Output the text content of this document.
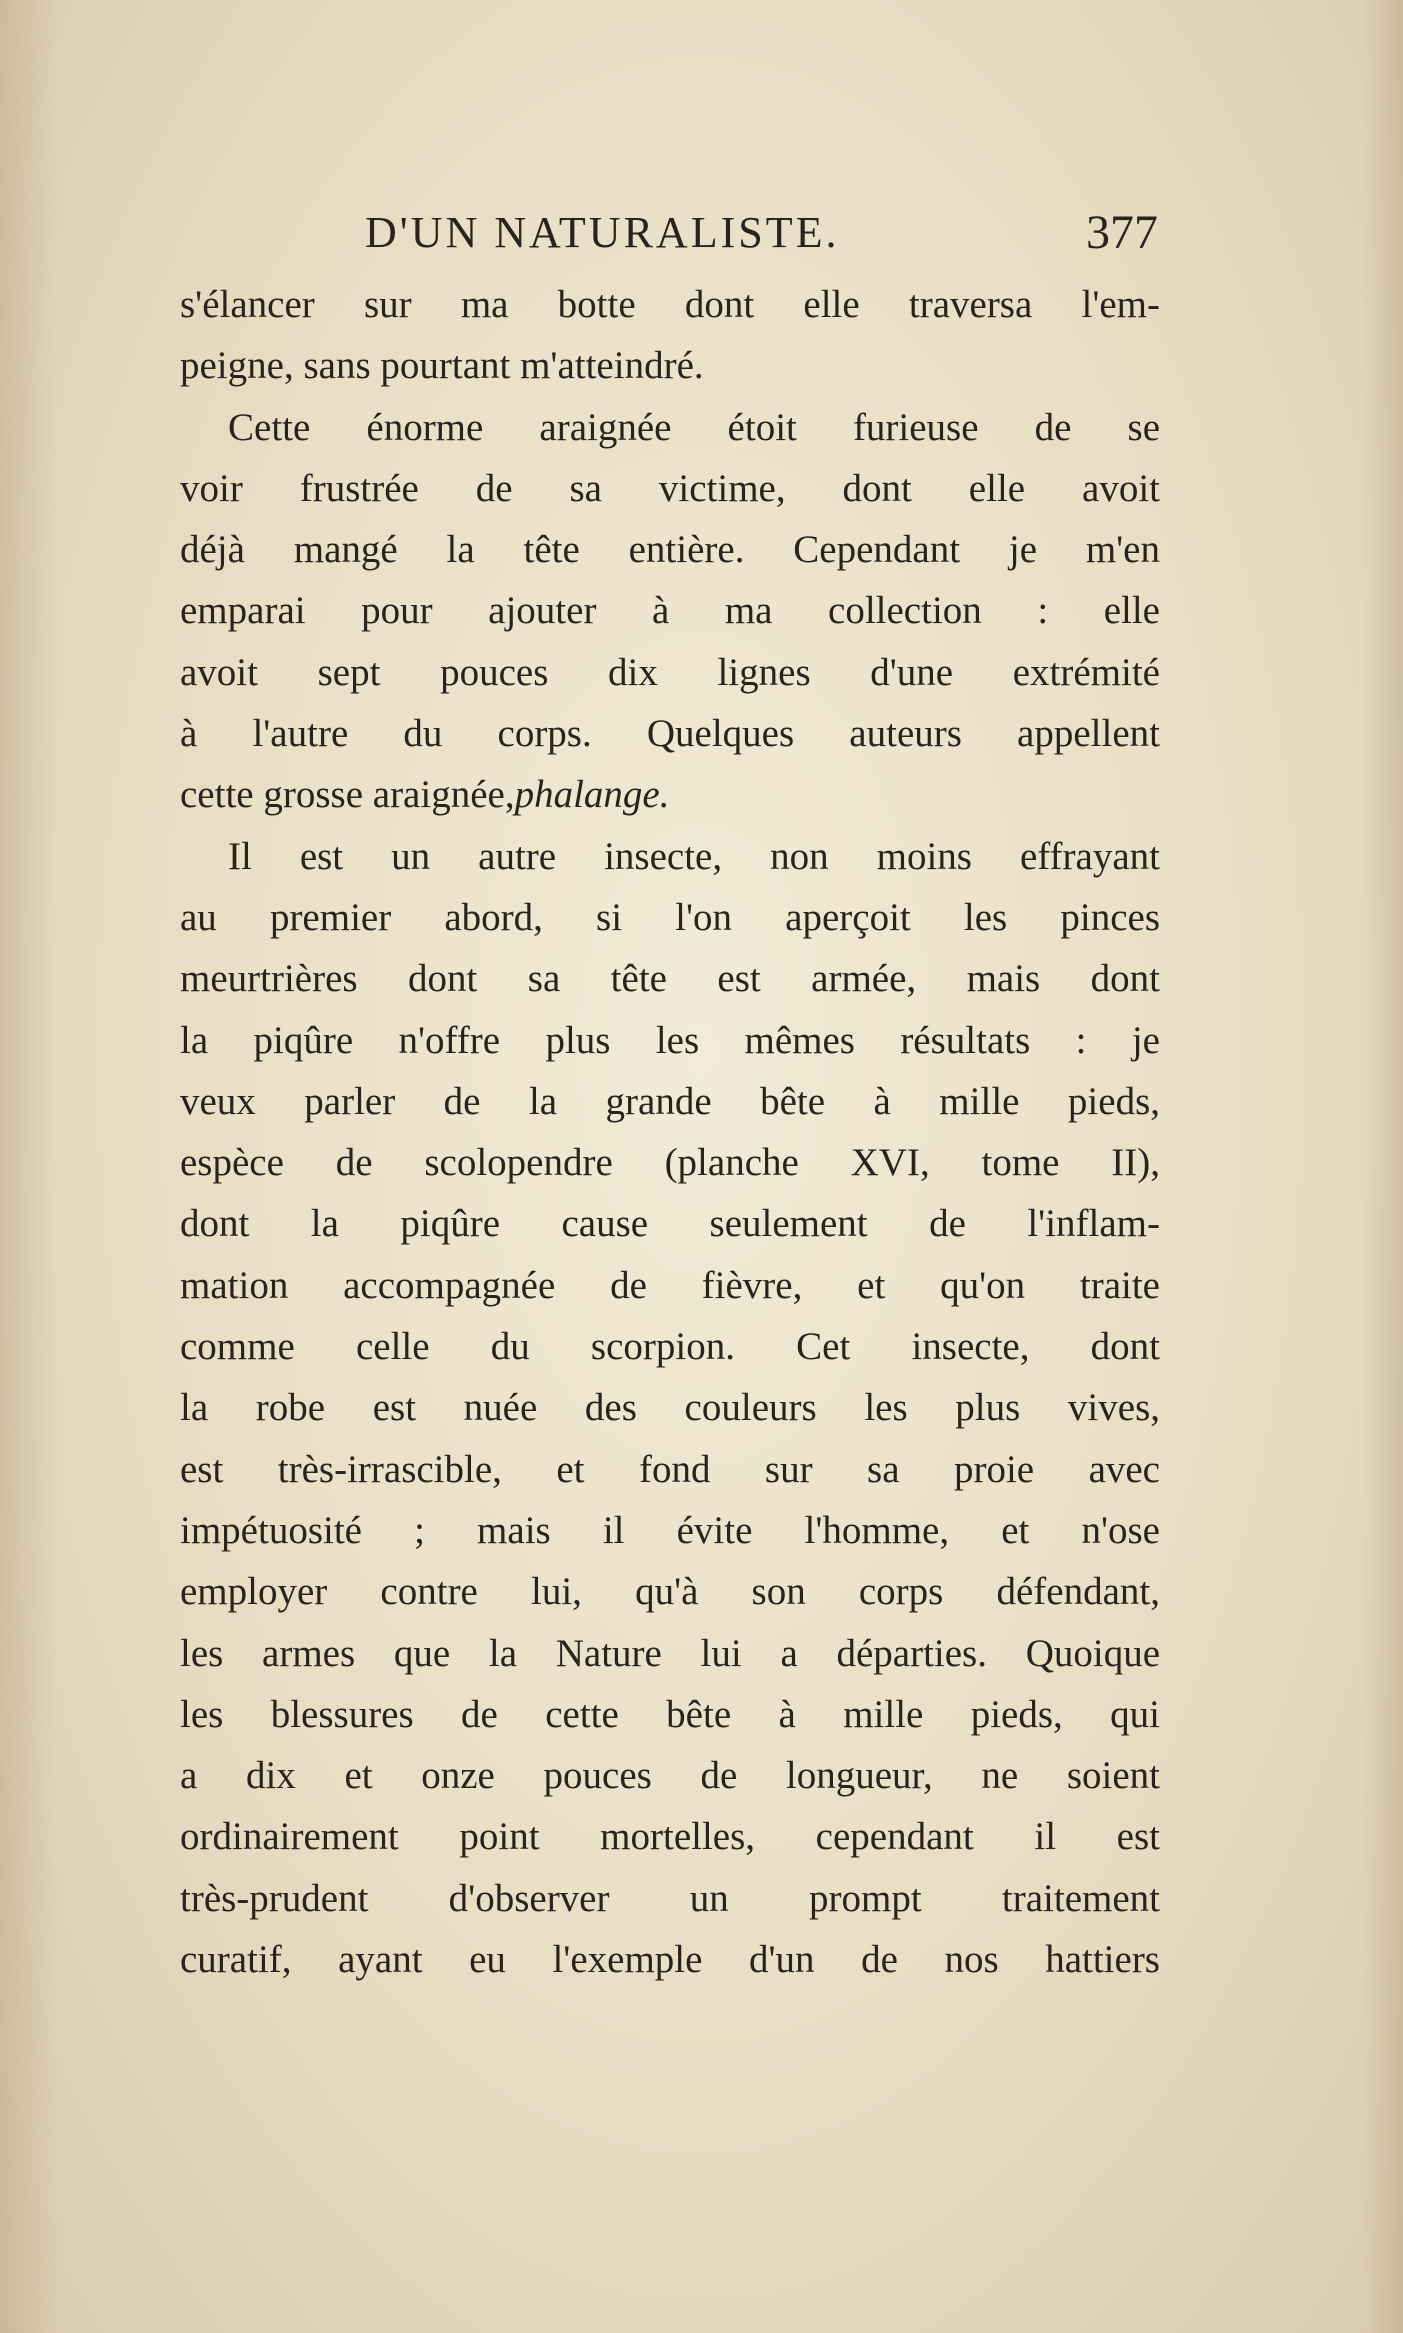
D'UN NATURALISTE.	377
s'élancer sur ma botte dont elle traversa l'em-
peigne, sans pourtant m'atteindré.
Cette énorme araignée étoit furieuse de se
voir frustrée de sa victime, dont elle avoit
déjà mangé la tête entière. Cependant je m'en
emparai pour ajouter à ma collection : elle
avoit sept pouces dix lignes d'une extrémité
à l'autre du corps. Quelques auteurs appellent
cette grosse araignée,phalange.
Il est un autre insecte, non moins effrayant
au premier abord, si l'on aperçoit les pinces
meurtrières dont sa tête est armée, mais dont
la piqûre n'offre plus les mêmes résultats : je
veux parler de la grande bête à mille pieds,
espèce de scolopendre (planche XVI, tome II),
dont la piqûre cause seulement de l'inflam-
mation accompagnée de fièvre, et qu'on traite
comme celle du scorpion. Cet insecte, dont
la robe est nuée des couleurs les plus vives,
est très-irrascible, et fond sur sa proie avec
impétuosité ; mais il évite l'homme, et n'ose
employer contre lui, qu'à son corps défendant,
les armes que la Nature lui a départies. Quoique
les blessures de cette bête à mille pieds, qui
a dix et onze pouces de longueur, ne soient
ordinairement point mortelles, cependant il est
très-prudent d'observer un prompt traitement
curatif, ayant eu l'exemple d'un de nos hattiers
